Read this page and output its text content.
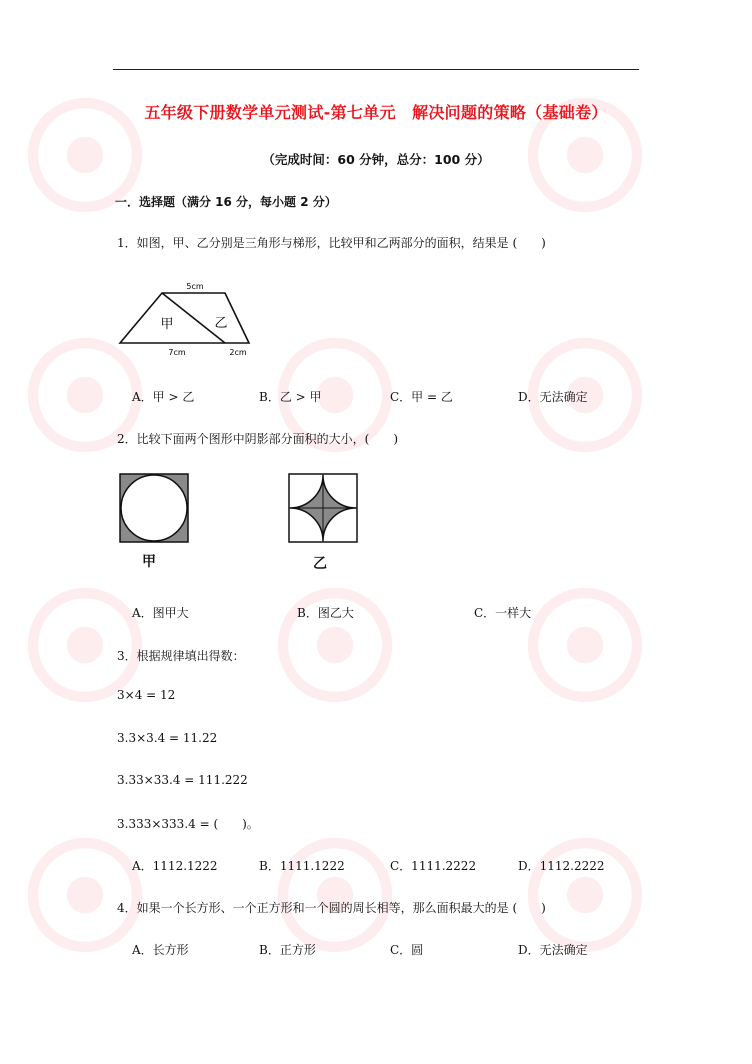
五年级下册数学单元测试-第七单元　解决问题的策略（基础卷）
（完成时间：60 分钟，总分：100 分）
一．选择题（满分 16 分，每小题 2 分）
1．如图，甲、乙分别是三角形与梯形，比较甲和乙两部分的面积，结果是 (　　)
5cm
甲	乙
7cm	2cm
A．甲 > 乙	B．乙 > 甲	C．甲 = 乙	D．无法确定
2．比较下面两个图形中阴影部分面积的大小，(　　)
甲	乙
A．图甲大	B．图乙大	C．一样大
3．根据规律填出得数：
3×4 = 12
3.3×3.4 = 11.22
3.33×33.4 = 111.222
3.333×333.4 = (　　)。
A．1112.1222	B．1111.1222	C．1111.2222	D．1112.2222
4．如果一个长方形、一个正方形和一个圆的周长相等，那么面积最大的是 (　　)
A．长方形	B．正方形	C．圆	D．无法确定
